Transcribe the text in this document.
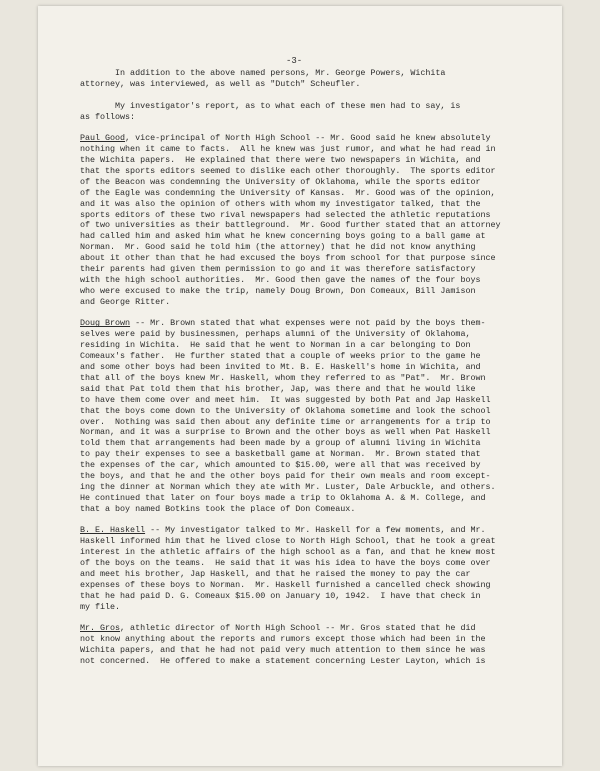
-3-
In addition to the above named persons, Mr. George Powers, Wichita
attorney, was interviewed, as well as "Dutch" Scheufler.
My investigator's report, as to what each of these men had to say, is
as follows:
Paul Good, vice-principal of North High School -- Mr. Good said he knew absolutely
nothing when it came to facts.  All he knew was just rumor, and what he had read in
the Wichita papers.  He explained that there were two newspapers in Wichita, and
that the sports editors seemed to dislike each other thoroughly.  The sports editor
of the Beacon was condemning the University of Oklahoma, while the sports editor
of the Eagle was condemning the University of Kansas.  Mr. Good was of the opinion,
and it was also the opinion of others with whom my investigator talked, that the
sports editors of these two rival newspapers had selected the athletic reputations
of two universities as their battleground.  Mr. Good further stated that an attorney
had called him and asked him what he knew concerning boys going to a ball game at
Norman.  Mr. Good said he told him (the attorney) that he did not know anything
about it other than that he had excused the boys from school for that purpose since
their parents had given them permission to go and it was therefore satisfactory
with the high school authorities.  Mr. Good then gave the names of the four boys
who were excused to make the trip, namely Doug Brown, Don Comeaux, Bill Jamison
and George Ritter.
Doug Brown -- Mr. Brown stated that what expenses were not paid by the boys them-
selves were paid by businessmen, perhaps alumni of the University of Oklahoma,
residing in Wichita.  He said that he went to Norman in a car belonging to Don
Comeaux's father.  He further stated that a couple of weeks prior to the game he
and some other boys had been invited to Mt. B. E. Haskell's home in Wichita, and
that all of the boys knew Mr. Haskell, whom they referred to as "Pat".  Mr. Brown
said that Pat told them that his brother, Jap, was there and that he would like
to have them come over and meet him.  It was suggested by both Pat and Jap Haskell
that the boys come down to the University of Oklahoma sometime and look the school
over.  Nothing was said then about any definite time or arrangements for a trip to
Norman, and it was a surprise to Brown and the other boys as well when Pat Haskell
told them that arrangements had been made by a group of alumni living in Wichita
to pay their expenses to see a basketball game at Norman.  Mr. Brown stated that
the expenses of the car, which amounted to $15.00, were all that was received by
the boys, and that he and the other boys paid for their own meals and room except-
ing the dinner at Norman which they ate with Mr. Luster, Dale Arbuckle, and others.
He continued that later on four boys made a trip to Oklahoma A. & M. College, and
that a boy named Botkins took the place of Don Comeaux.
B. E. Haskell -- My investigator talked to Mr. Haskell for a few moments, and Mr.
Haskell informed him that he lived close to North High School, that he took a great
interest in the athletic affairs of the high school as a fan, and that he knew most
of the boys on the teams.  He said that it was his idea to have the boys come over
and meet his brother, Jap Haskell, and that he raised the money to pay the car
expenses of these boys to Norman.  Mr. Haskell furnished a cancelled check showing
that he had paid D. G. Comeaux $15.00 on January 10, 1942.  I have that check in
my file.
Mr. Gros, athletic director of North High School -- Mr. Gros stated that he did
not know anything about the reports and rumors except those which had been in the
Wichita papers, and that he had not paid very much attention to them since he was
not concerned.  He offered to make a statement concerning Lester Layton, which is
